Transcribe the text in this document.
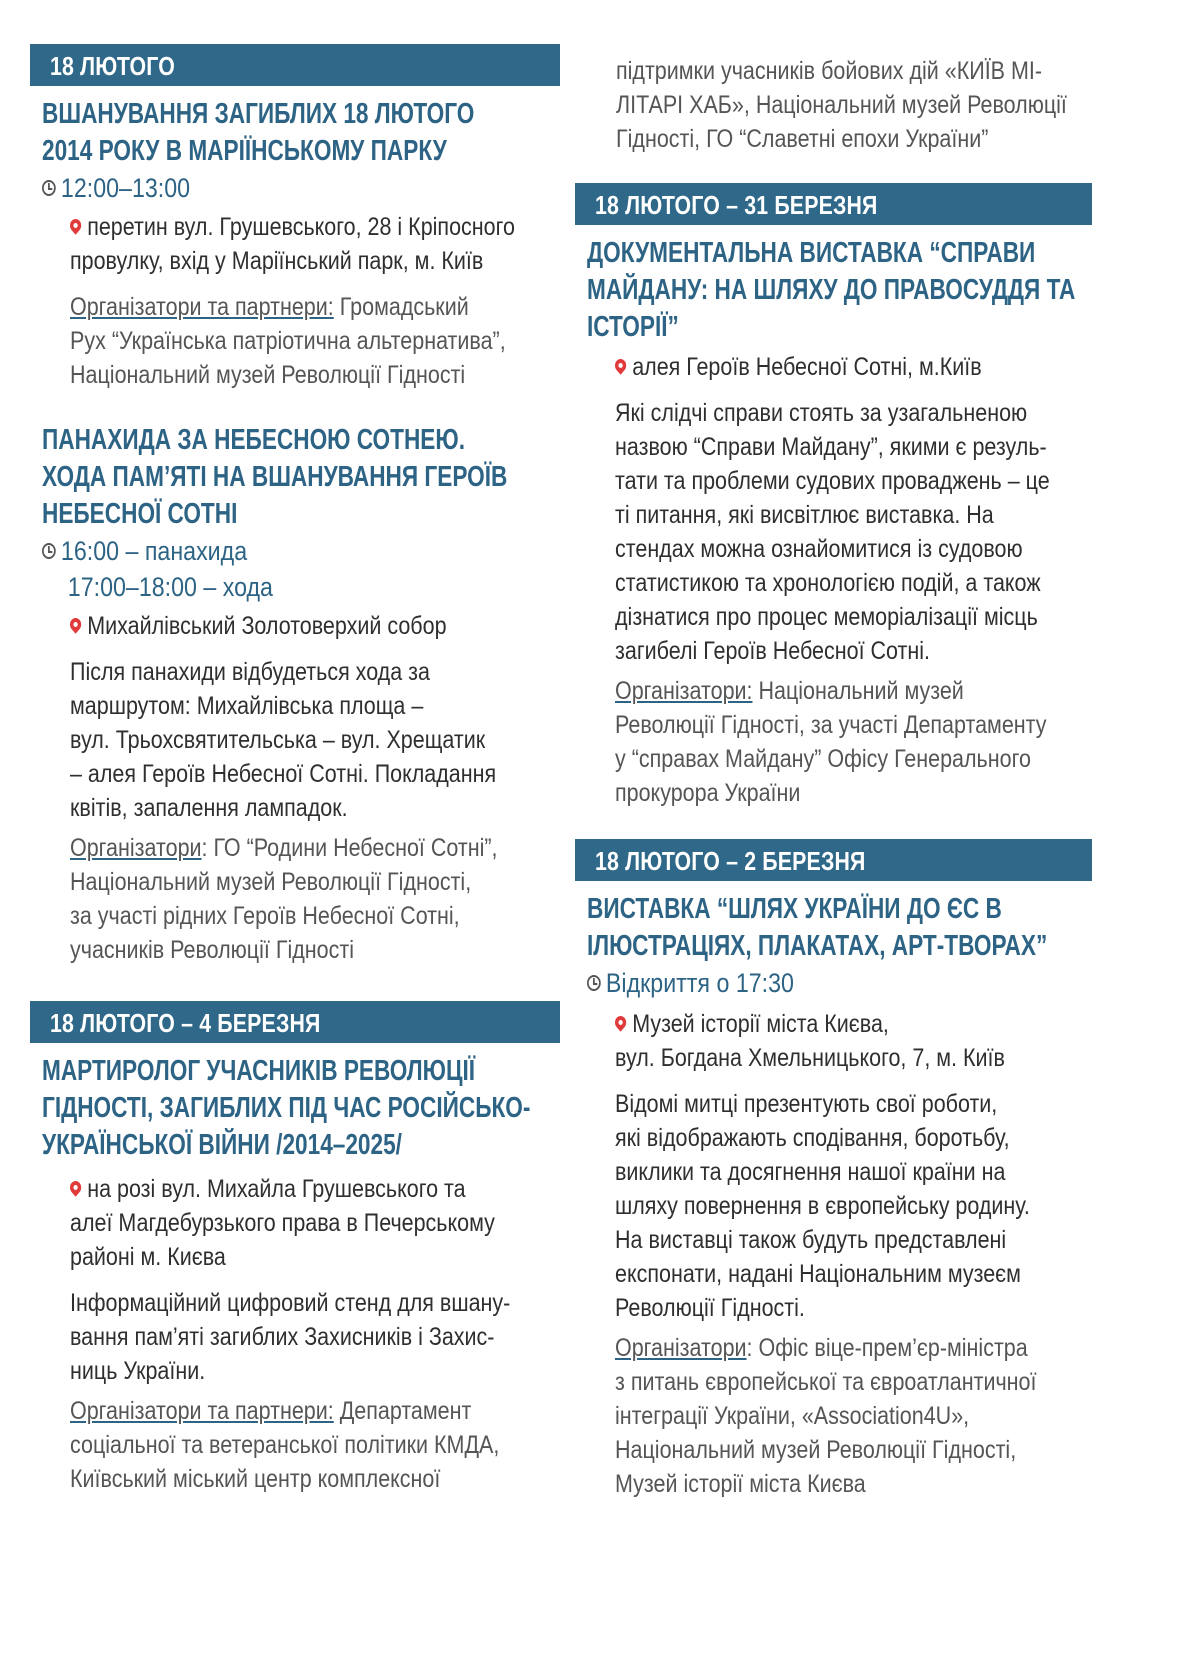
18 ЛЮТОГО
ВШАНУВАННЯ ЗАГИБЛИХ 18 ЛЮТОГО
2014 РОКУ В МАРІЇНСЬКОМУ ПАРКУ
12:00–13:00
перетин вул. Грушевського, 28 і Кріпосного
провулку, вхід у Маріїнський парк, м. Київ
Організатори та партнери: Громадський
Рух “Українська патріотична альтернатива”,
Національний музей Революції Гідності
ПАНАХИДА ЗА НЕБЕСНОЮ СОТНЕЮ.
ХОДА ПАМ’ЯТІ НА ВШАНУВАННЯ ГЕРОЇВ
НЕБЕСНОЇ СОТНІ
16:00 – панахида
17:00–18:00 – хода
Михайлівський Золотоверхий собор
Після панахиди відбудеться хода за
маршрутом: Михайлівська площа –
вул. Трьохсвятительська – вул. Хрещатик
– алея Героїв Небесної Сотні. Покладання
квітів, запалення лампадок.
Організатори: ГО “Родини Небесної Сотні”,
Національний музей Революції Гідності,
за участі рідних Героїв Небесної Сотні,
учасників Революції Гідності
18 ЛЮТОГО – 4 БЕРЕЗНЯ
МАРТИРОЛОГ УЧАСНИКІВ РЕВОЛЮЦІЇ
ГІДНОСТІ, ЗАГИБЛИХ ПІД ЧАС РОСІЙСЬКО-
УКРАЇНСЬКОЇ ВІЙНИ /2014–2025/
на розі вул. Михайла Грушевського та
алеї Магдебурзького права в Печерському
районі м. Києва
Інформаційний цифровий стенд для вшану-
вання пам’яті загиблих Захисників і Захис-
ниць України.
Організатори та партнери: Департамент
соціальної та ветеранської політики КМДА,
Київський міський центр комплексної
підтримки учасників бойових дій «КИЇВ МІ-
ЛІТАРІ ХАБ», Національний музей Революції
Гідності, ГО “Славетні епохи України”
18 ЛЮТОГО – 31 БЕРЕЗНЯ
ДОКУМЕНТАЛЬНА ВИСТАВКА “СПРАВИ
МАЙДАНУ: НА ШЛЯХУ ДО ПРАВОСУДДЯ ТА
ІСТОРІЇ”
алея Героїв Небесної Сотні, м.Київ
Які слідчі справи стоять за узагальненою
назвою “Справи Майдану”, якими є резуль-
тати та проблеми судових проваджень – це
ті питання, які висвітлює виставка. На
стендах можна ознайомитися із судовою
статистикою та хронологією подій, а також
дізнатися про процес меморіалізації місць
загибелі Героїв Небесної Сотні.
Організатори: Національний музей
Революції Гідності, за участі Департаменту
у “справах Майдану” Офісу Генерального
прокурора України
18 ЛЮТОГО – 2 БЕРЕЗНЯ
ВИСТАВКА “ШЛЯХ УКРАЇНИ ДО ЄС В
ІЛЮСТРАЦІЯХ, ПЛАКАТАХ, АРТ-ТВОРАХ”
Відкриття о 17:30
Музей історії міста Києва,
вул. Богдана Хмельницького, 7, м. Київ
Відомі митці презентують свої роботи,
які відображають сподівання, боротьбу,
виклики та досягнення нашої країни на
шляху повернення в європейську родину.
На виставці також будуть представлені
експонати, надані Національним музеєм
Революції Гідності.
Організатори: Офіс віце-прем’єр-міністра
з питань європейської та євроатлантичної
інтеграції України, «Association4U»,
Національний музей Революції Гідності,
Музей історії міста Києва
